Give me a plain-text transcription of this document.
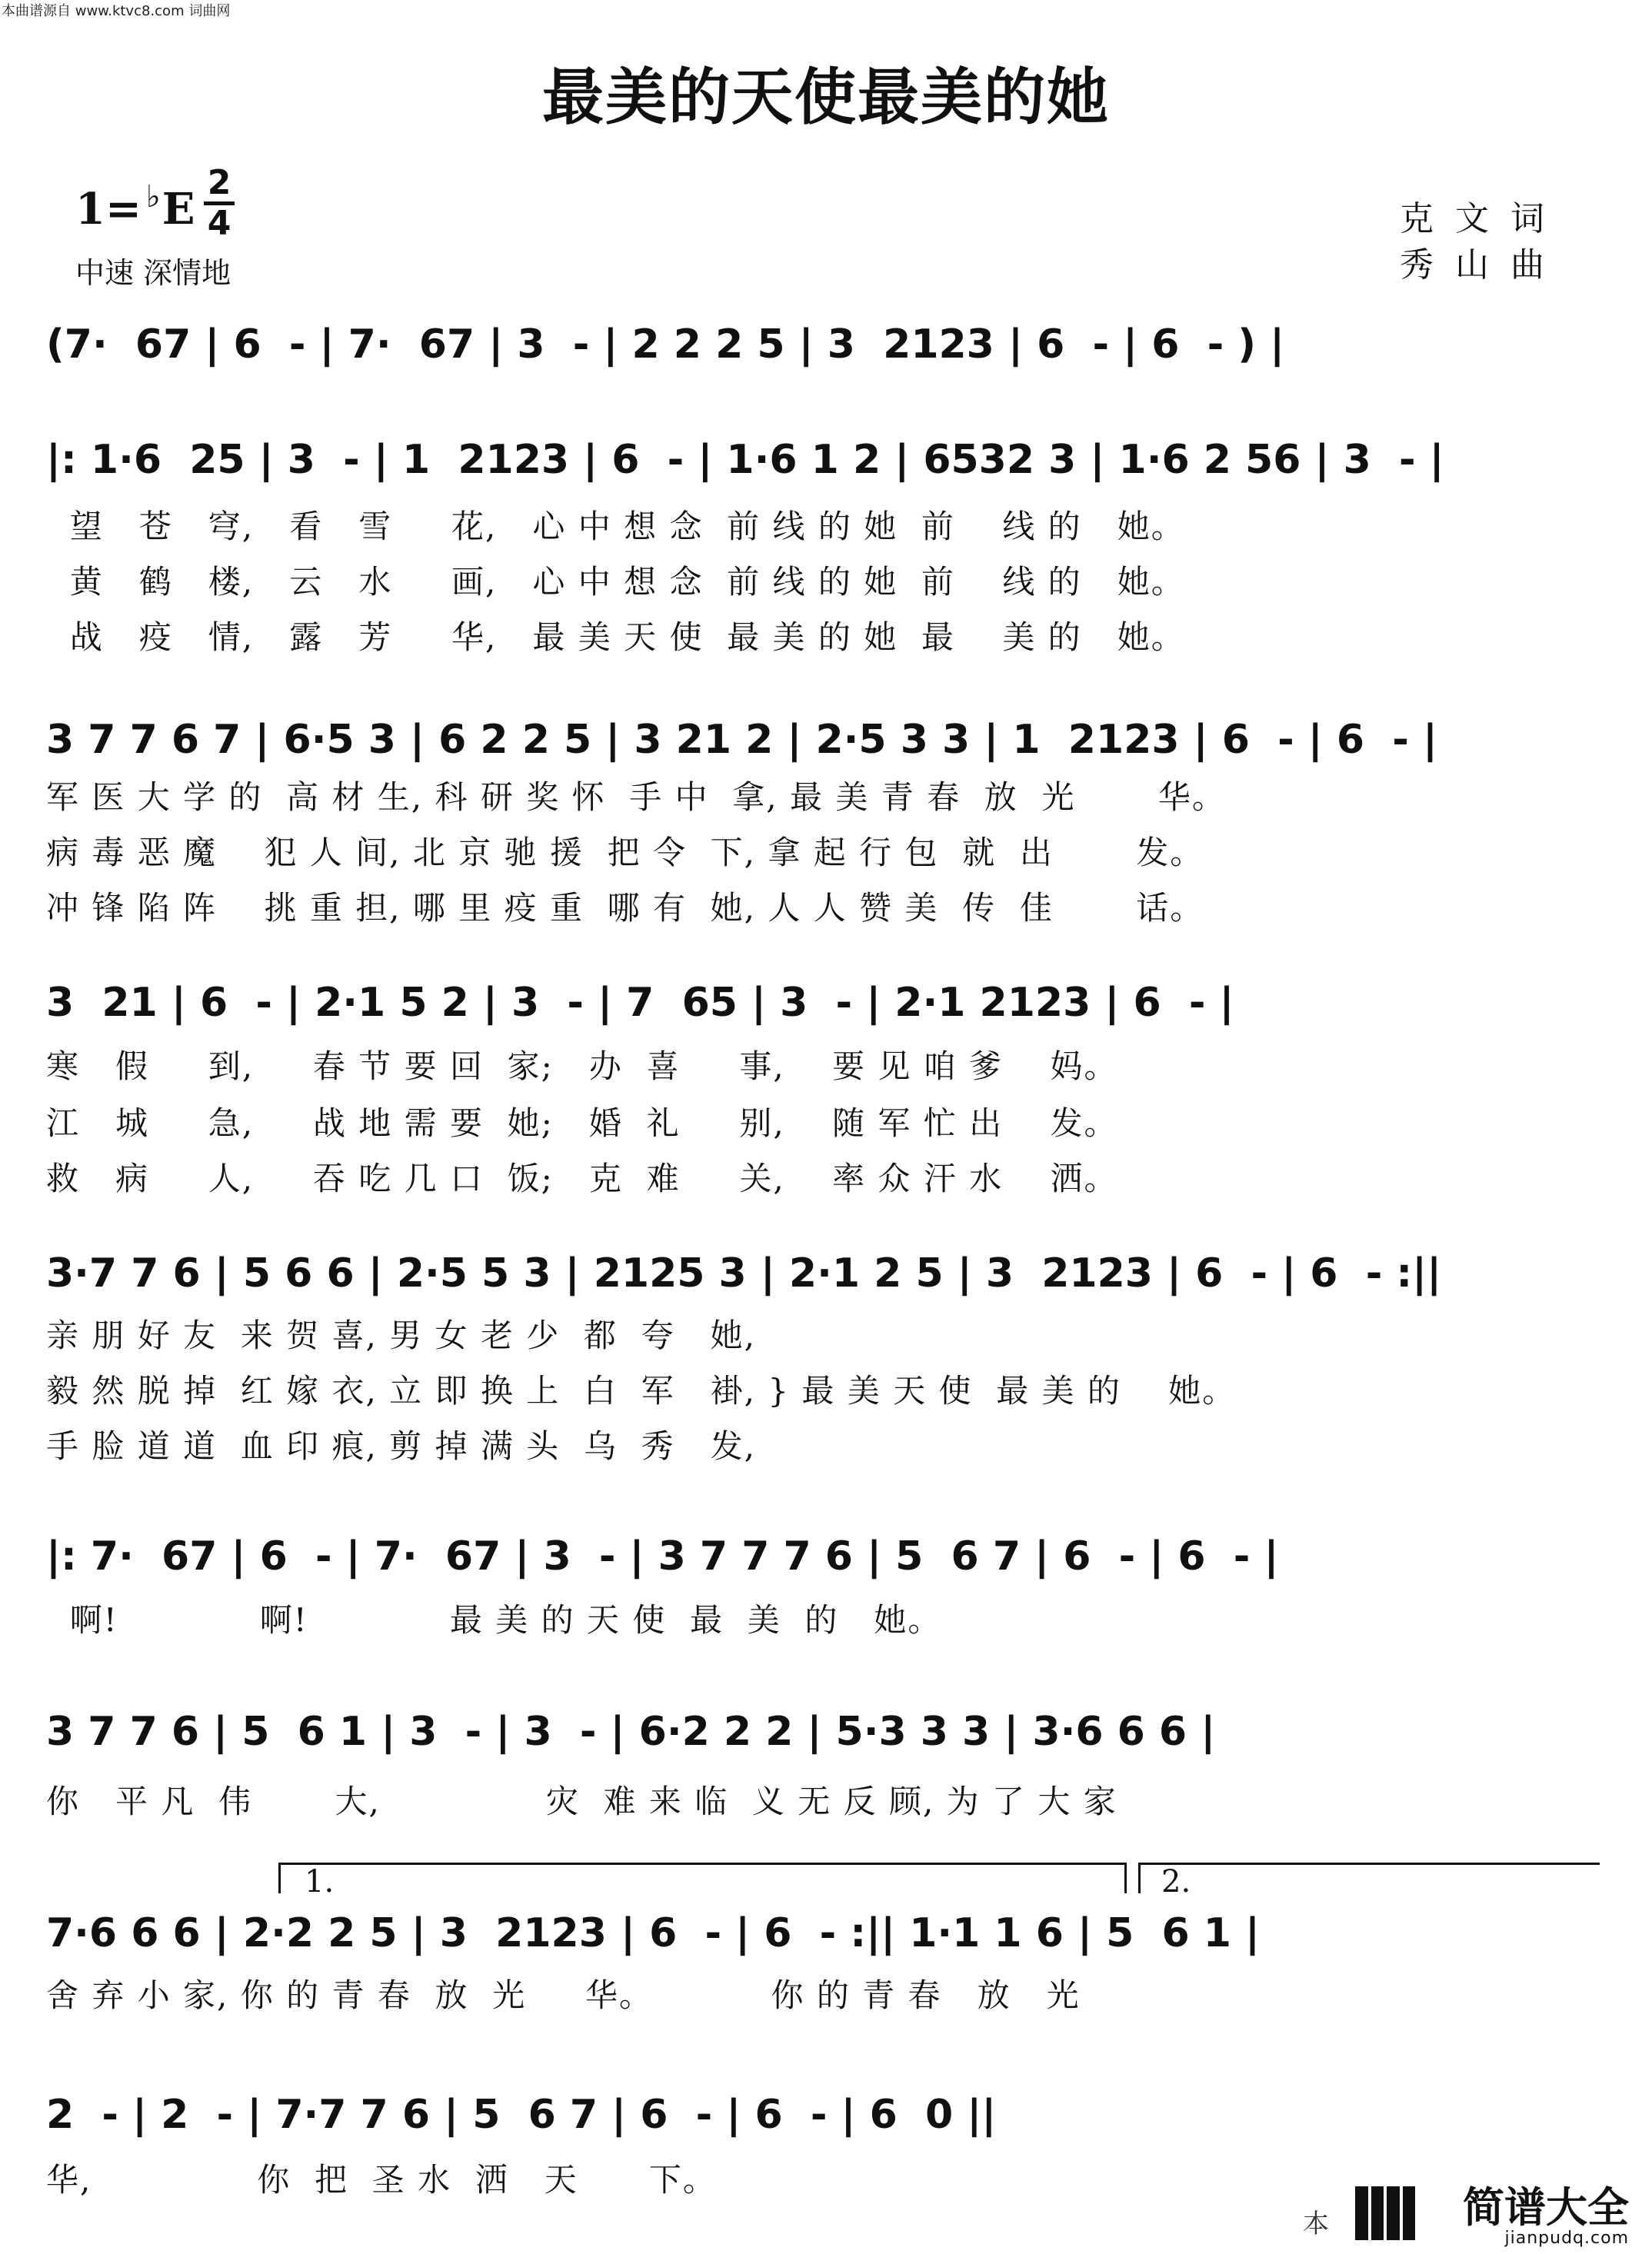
本曲谱源自 www.ktvc8.com 词曲网
最美的天使最美的她
1= ♭E
2
4
中速 深情地
克文词
秀山曲
(7·  67 | 6  - | 7·  67 | 3  - | 2 2 2 5 | 3  2123 | 6  - | 6  - ) |
|: 1·6  25 | 3  - | 1  2123 | 6  - | 1·6 1 2 | 6532 3 | 1·6 2 56 | 3  - |
望   苍   穹,   看   雪     花,   心 中 想 念  前 线 的 她  前    线 的   她。
黄   鹤   楼,   云   水     画,   心 中 想 念  前 线 的 她  前    线 的   她。
战   疫   情,   露   芳     华,   最 美 天 使  最 美 的 她  最    美 的   她。
3 7 7 6 7 | 6·5 3 | 6 2 2 5 | 3 21 2 | 2·5 3 3 | 1  2123 | 6  - | 6  - |
军 医 大 学 的  高 材 生, 科 研 奖 怀  手 中  拿, 最 美 青 春  放  光       华。
病 毒 恶 魔    犯 人 间, 北 京 驰 援  把 令  下, 拿 起 行 包  就  出       发。
冲 锋 陷 阵    挑 重 担, 哪 里 疫 重  哪 有  她, 人 人 赞 美  传  佳       话。
3  21 | 6  - | 2·1 5 2 | 3  - | 7  65 | 3  - | 2·1 2123 | 6  - |
寒   假     到,     春 节 要 回  家;   办  喜     事,    要 见 咱 爹    妈。
江   城     急,     战 地 需 要  她;   婚  礼     别,    随 军 忙 出    发。
救   病     人,     吞 吃 几 口  饭;   克  难     关,    率 众 汗 水    洒。
3·7 7 6 | 5 6 6 | 2·5 5 3 | 2125 3 | 2·1 2 5 | 3  2123 | 6  - | 6  - :||
亲 朋 好 友  来 贺 喜, 男 女 老 少  都  夸   她,
毅 然 脱 掉  红 嫁 衣, 立 即 换 上  白  军   褂, } 最 美 天 使  最 美 的    她。
手 脸 道 道  血 印 痕, 剪 掉 满 头  乌  秀   发,
|: 7·  67 | 6  - | 7·  67 | 3  - | 3 7 7 7 6 | 5  6 7 | 6  - | 6  - |
啊!            啊!            最 美 的 天 使  最  美  的   她。
3 7 7 6 | 5  6 1 | 3  - | 3  - | 6·2 2 2 | 5·3 3 3 | 3·6 6 6 |
你   平 凡  伟       大,              灾  难 来 临  义 无 反 顾, 为 了 大 家
1.	2.
7·6 6 6 | 2·2 2 5 | 3  2123 | 6  - | 6  - :|| 1·1 1 6 | 5  6 1 |
舍 弃 小 家, 你 的 青 春  放  光     华。          你 的 青 春   放   光
2  - | 2  - | 7·7 7 6 | 5  6 7 | 6  - | 6  - | 6  0 ||
华,              你  把  圣 水  洒   天      下。
本	简谱大全
jianpudq.com
